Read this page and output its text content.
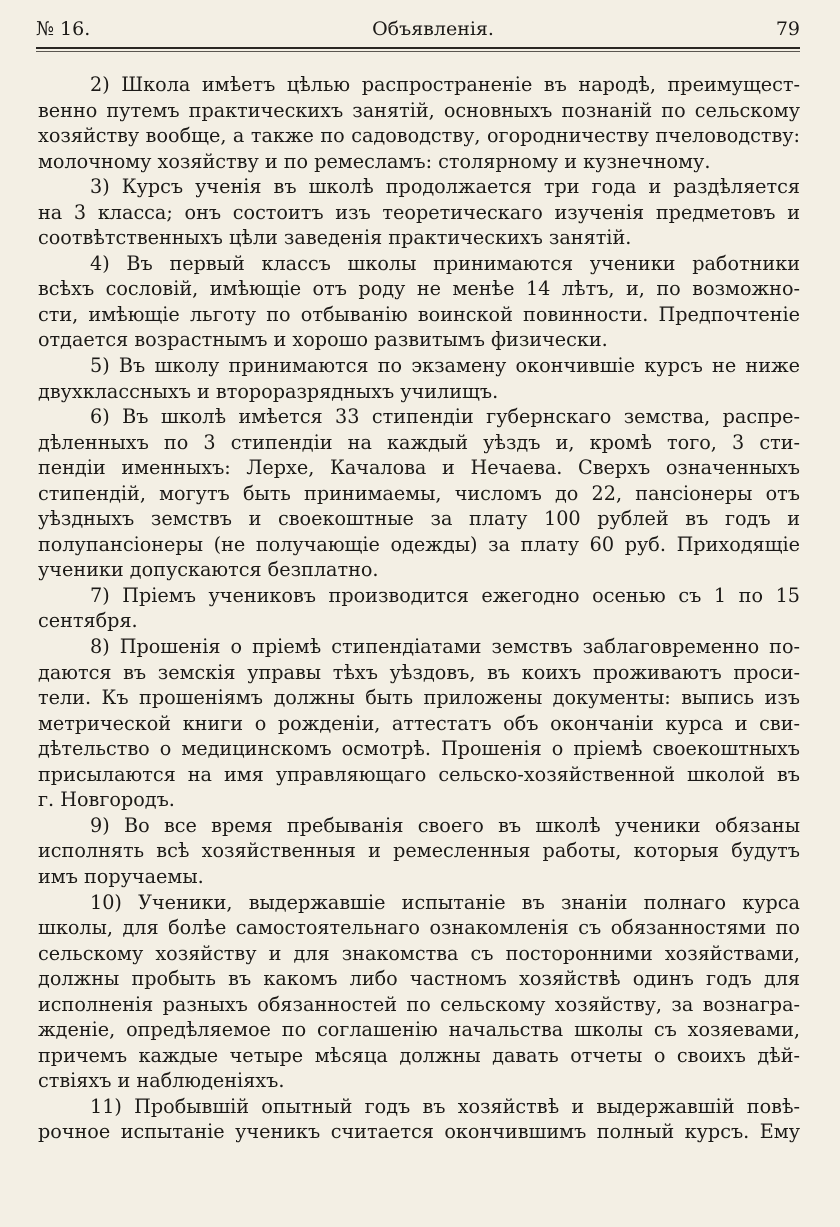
№ 16.	Объявленія.	79
2) Школа имѣетъ цѣлью распространеніе въ народѣ, преимущест-
венно путемъ практическихъ занятій, основныхъ познаній по сельскому
хозяйству вообще, а также по садоводству, огородничеству пчеловодству:
молочному хозяйству и по ремесламъ: столярному и кузнечному.
3) Курсъ ученія въ школѣ продолжается три года и раздѣляется
на 3 класса; онъ состоитъ изъ теоретическаго изученія предметовъ и
соотвѣтственныхъ цѣли заведенія практическихъ занятій.
4) Въ первый классъ школы принимаются ученики работники
всѣхъ сословій, имѣющіе отъ роду не менѣе 14 лѣтъ, и, по возможно-
сти, имѣющіе льготу по отбыванію воинской повинности. Предпочтеніе
отдается возрастнымъ и хорошо развитымъ физически.
5) Въ школу принимаются по экзамену окончившіе курсъ не ниже
двухклассныхъ и второразрядныхъ училищъ.
6) Въ школѣ имѣется 33 стипендіи губернскаго земства, распре-
дѣленныхъ по 3 стипендіи на каждый уѣздъ и, кромѣ того, 3 сти-
пендіи именныхъ: Лерхе, Качалова и Нечаева. Сверхъ означенныхъ
стипендій, могутъ быть принимаемы, числомъ до 22, пансіонеры отъ
уѣздныхъ земствъ и своекоштные за плату 100 рублей въ годъ и
полупансіонеры (не получающіе одежды) за плату 60 руб. Приходящіе
ученики допускаются безплатно.
7) Пріемъ учениковъ производится ежегодно осенью съ 1 по 15
сентября.
8) Прошенія о пріемѣ стипендіатами земствъ заблаговременно по-
даются въ земскія управы тѣхъ уѣздовъ, въ коихъ проживаютъ проси-
тели. Къ прошеніямъ должны быть приложены документы: выпись изъ
метрической книги о рожденіи, аттестатъ объ окончаніи курса и сви-
дѣтельство о медицинскомъ осмотрѣ. Прошенія о пріемѣ своекоштныхъ
присылаются на имя управляющаго сельско-хозяйственной школой въ
г. Новгородъ.
9) Во все время пребыванія своего въ школѣ ученики обязаны
исполнять всѣ хозяйственныя и ремесленныя работы, которыя будутъ
имъ поручаемы.
10) Ученики, выдержавшіе испытаніе въ знаніи полнаго курса
школы, для болѣе самостоятельнаго ознакомленія съ обязанностями по
сельскому хозяйству и для знакомства съ посторонними хозяйствами,
должны пробыть въ какомъ либо частномъ хозяйствѣ одинъ годъ для
исполненія разныхъ обязанностей по сельскому хозяйству, за вознагра-
жденіе, опредѣляемое по соглашенію начальства школы съ хозяевами,
причемъ каждые четыре мѣсяца должны давать отчеты о своихъ дѣй-
ствіяхъ и наблюденіяхъ.
11) Пробывшій опытный годъ въ хозяйствѣ и выдержавшій повѣ-
рочное испытаніе ученикъ считается окончившимъ полный курсъ. Ему
